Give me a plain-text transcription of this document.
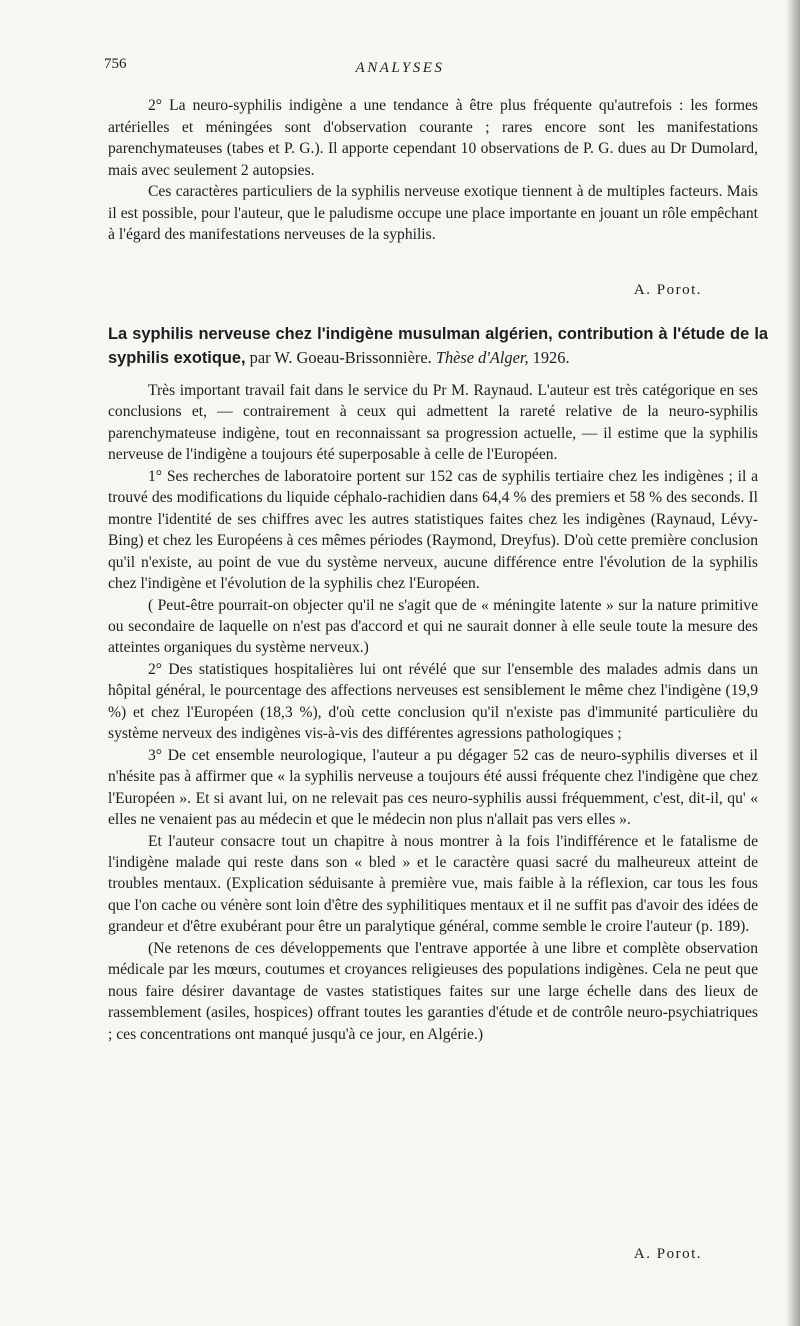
756	ANALYSES

2° La neuro-syphilis indigène a une tendance à être plus fréquente qu'autrefois : les formes artérielles et méningées sont d'observation courante ; rares encore sont les manifestations parenchymateuses (tabes et P. G.). Il apporte cependant 10 observations de P. G. dues au Dr Dumolard, mais avec seulement 2 autopsies.

Ces caractères particuliers de la syphilis nerveuse exotique tiennent à de multiples facteurs. Mais il est possible, pour l'auteur, que le paludisme occupe une place importante en jouant un rôle empêchant à l'égard des manifestations nerveuses de la syphilis.

A. Porot.

La syphilis nerveuse chez l'indigène musulman algérien, contribution à l'étude de la syphilis exotique, par W. Goeau-Brissonnière. Thèse d'Alger, 1926.

Très important travail fait dans le service du Pr M. Raynaud. L'auteur est très catégorique en ses conclusions et, — contrairement à ceux qui admettent la rareté relative de la neuro-syphilis parenchymateuse indigène, tout en reconnaissant sa progression actuelle, — il estime que la syphilis nerveuse de l'indigène a toujours été superposable à celle de l'Européen.

1° Ses recherches de laboratoire portent sur 152 cas de syphilis tertiaire chez les indigènes ; il a trouvé des modifications du liquide céphalo-rachidien dans 64,4 % des premiers et 58 % des seconds. Il montre l'identité de ses chiffres avec les autres statistiques faites chez les indigènes (Raynaud, Lévy-Bing) et chez les Européens à ces mêmes périodes (Raymond, Dreyfus). D'où cette première conclusion qu'il n'existe, au point de vue du système nerveux, aucune différence entre l'évolution de la syphilis chez l'indigène et l'évolution de la syphilis chez l'Européen.

( Peut-être pourrait-on objecter qu'il ne s'agit que de « méningite latente » sur la nature primitive ou secondaire de laquelle on n'est pas d'accord et qui ne saurait donner à elle seule toute la mesure des atteintes organiques du système nerveux.)

2° Des statistiques hospitalières lui ont révélé que sur l'ensemble des malades admis dans un hôpital général, le pourcentage des affections nerveuses est sensiblement le même chez l'indigène (19,9 %) et chez l'Européen (18,3 %), d'où cette conclusion qu'il n'existe pas d'immunité particulière du système nerveux des indigènes vis-à-vis des différentes agressions pathologiques ;

3° De cet ensemble neurologique, l'auteur a pu dégager 52 cas de neuro-syphilis diverses et il n'hésite pas à affirmer que « la syphilis nerveuse a toujours été aussi fréquente chez l'indigène que chez l'Européen ». Et si avant lui, on ne relevait pas ces neuro-syphilis aussi fréquemment, c'est, dit-il, qu' « elles ne venaient pas au médecin et que le médecin non plus n'allait pas vers elles ».

Et l'auteur consacre tout un chapitre à nous montrer à la fois l'indifférence et le fatalisme de l'indigène malade qui reste dans son « bled » et le caractère quasi sacré du malheureux atteint de troubles mentaux. (Explication séduisante à première vue, mais faible à la réflexion, car tous les fous que l'on cache ou vénère sont loin d'être des syphilitiques mentaux et il ne suffit pas d'avoir des idées de grandeur et d'être exubérant pour être un paralytique général, comme semble le croire l'auteur (p. 189).

(Ne retenons de ces développements que l'entrave apportée à une libre et complète observation médicale par les mœurs, coutumes et croyances religieuses des populations indigènes. Cela ne peut que nous faire désirer davantage de vastes statistiques faites sur une large échelle dans des lieux de rassemblement (asiles, hospices) offrant toutes les garanties d'étude et de contrôle neuro-psychiatriques ; ces concentrations ont manqué jusqu'à ce jour, en Algérie.)

A. Porot.
